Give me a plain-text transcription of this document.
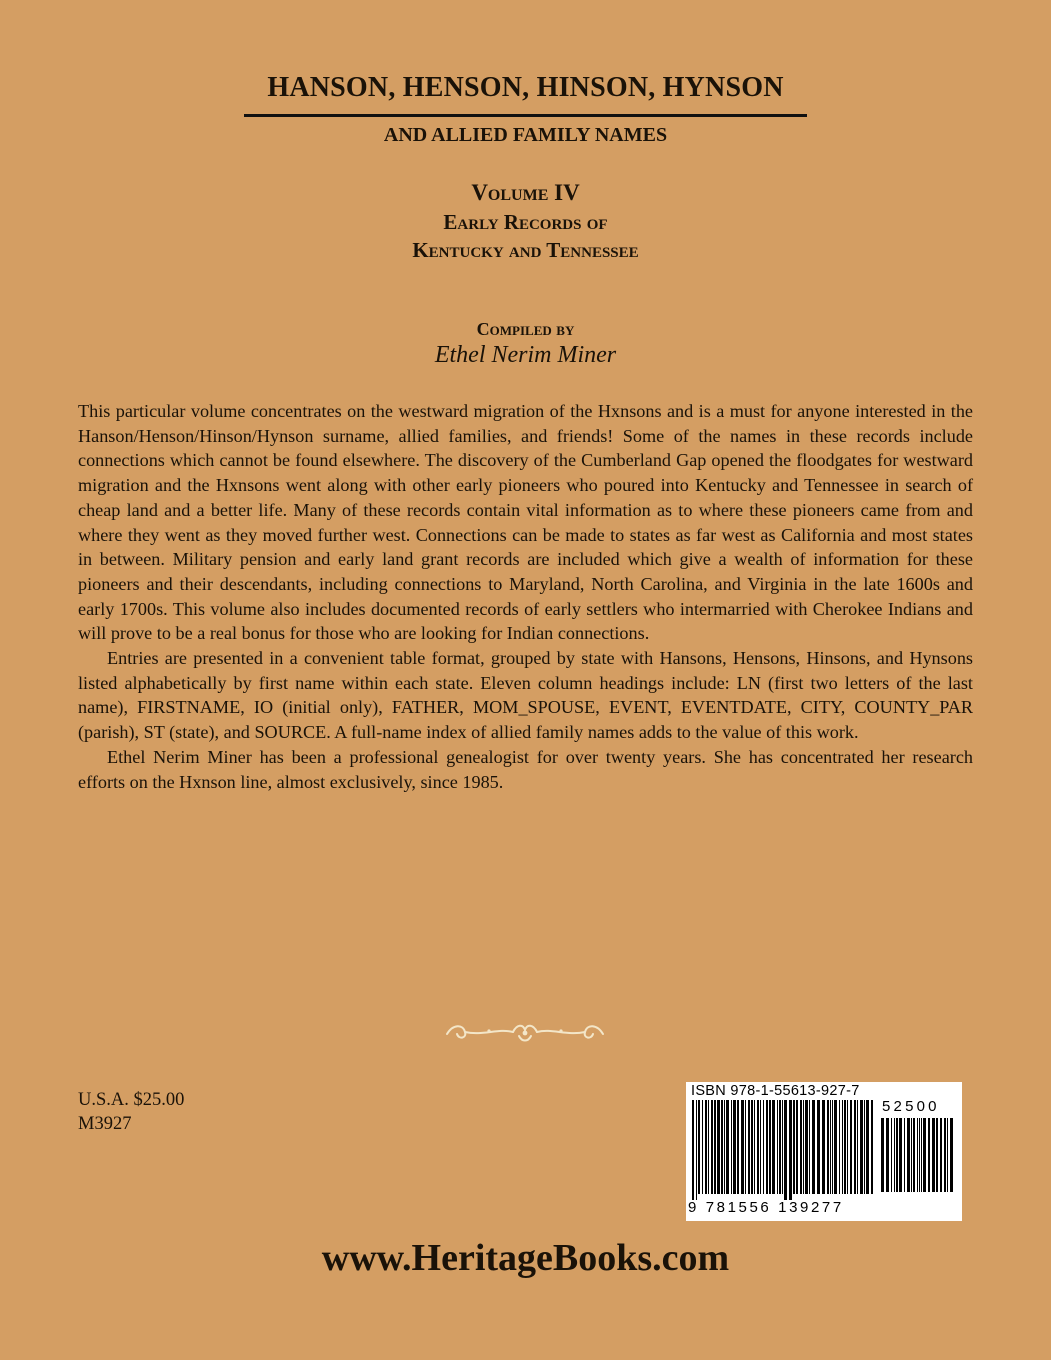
HANSON, HENSON, HINSON, HYNSON
AND ALLIED FAMILY NAMES
Volume IV
Early Records of
Kentucky and Tennessee
Compiled by
Ethel Nerim Miner

This particular volume concentrates on the westward migration of the Hxnsons and is a must for anyone interested in the Hanson/Henson/Hinson/Hynson surname, allied families, and friends! Some of the names in these records include connections which cannot be found elsewhere. The discovery of the Cumberland Gap opened the floodgates for westward migration and the Hxnsons went along with other early pioneers who poured into Kentucky and Tennessee in search of cheap land and a better life. Many of these records contain vital information as to where these pioneers came from and where they went as they moved further west. Connections can be made to states as far west as California and most states in between. Military pension and early land grant records are included which give a wealth of information for these pioneers and their descendants, including connections to Maryland, North Carolina, and Virginia in the late 1600s and early 1700s. This volume also includes documented records of early settlers who intermarried with Cherokee Indians and will prove to be a real bonus for those who are looking for Indian connections.

Entries are presented in a convenient table format, grouped by state with Hansons, Hensons, Hinsons, and Hynsons listed alphabetically by first name within each state. Eleven column headings include: LN (first two letters of the last name), FIRSTNAME, IO (initial only), FATHER, MOM_SPOUSE, EVENT, EVENTDATE, CITY, COUNTY_PAR (parish), ST (state), and SOURCE. A full-name index of allied family names adds to the value of this work.

Ethel Nerim Miner has been a professional genealogist for over twenty years. She has concentrated her research efforts on the Hxnson line, almost exclusively, since 1985.

U.S.A. $25.00
M3927
ISBN 978-1-55613-927-7
52500
9 781556 139277
www.HeritageBooks.com
